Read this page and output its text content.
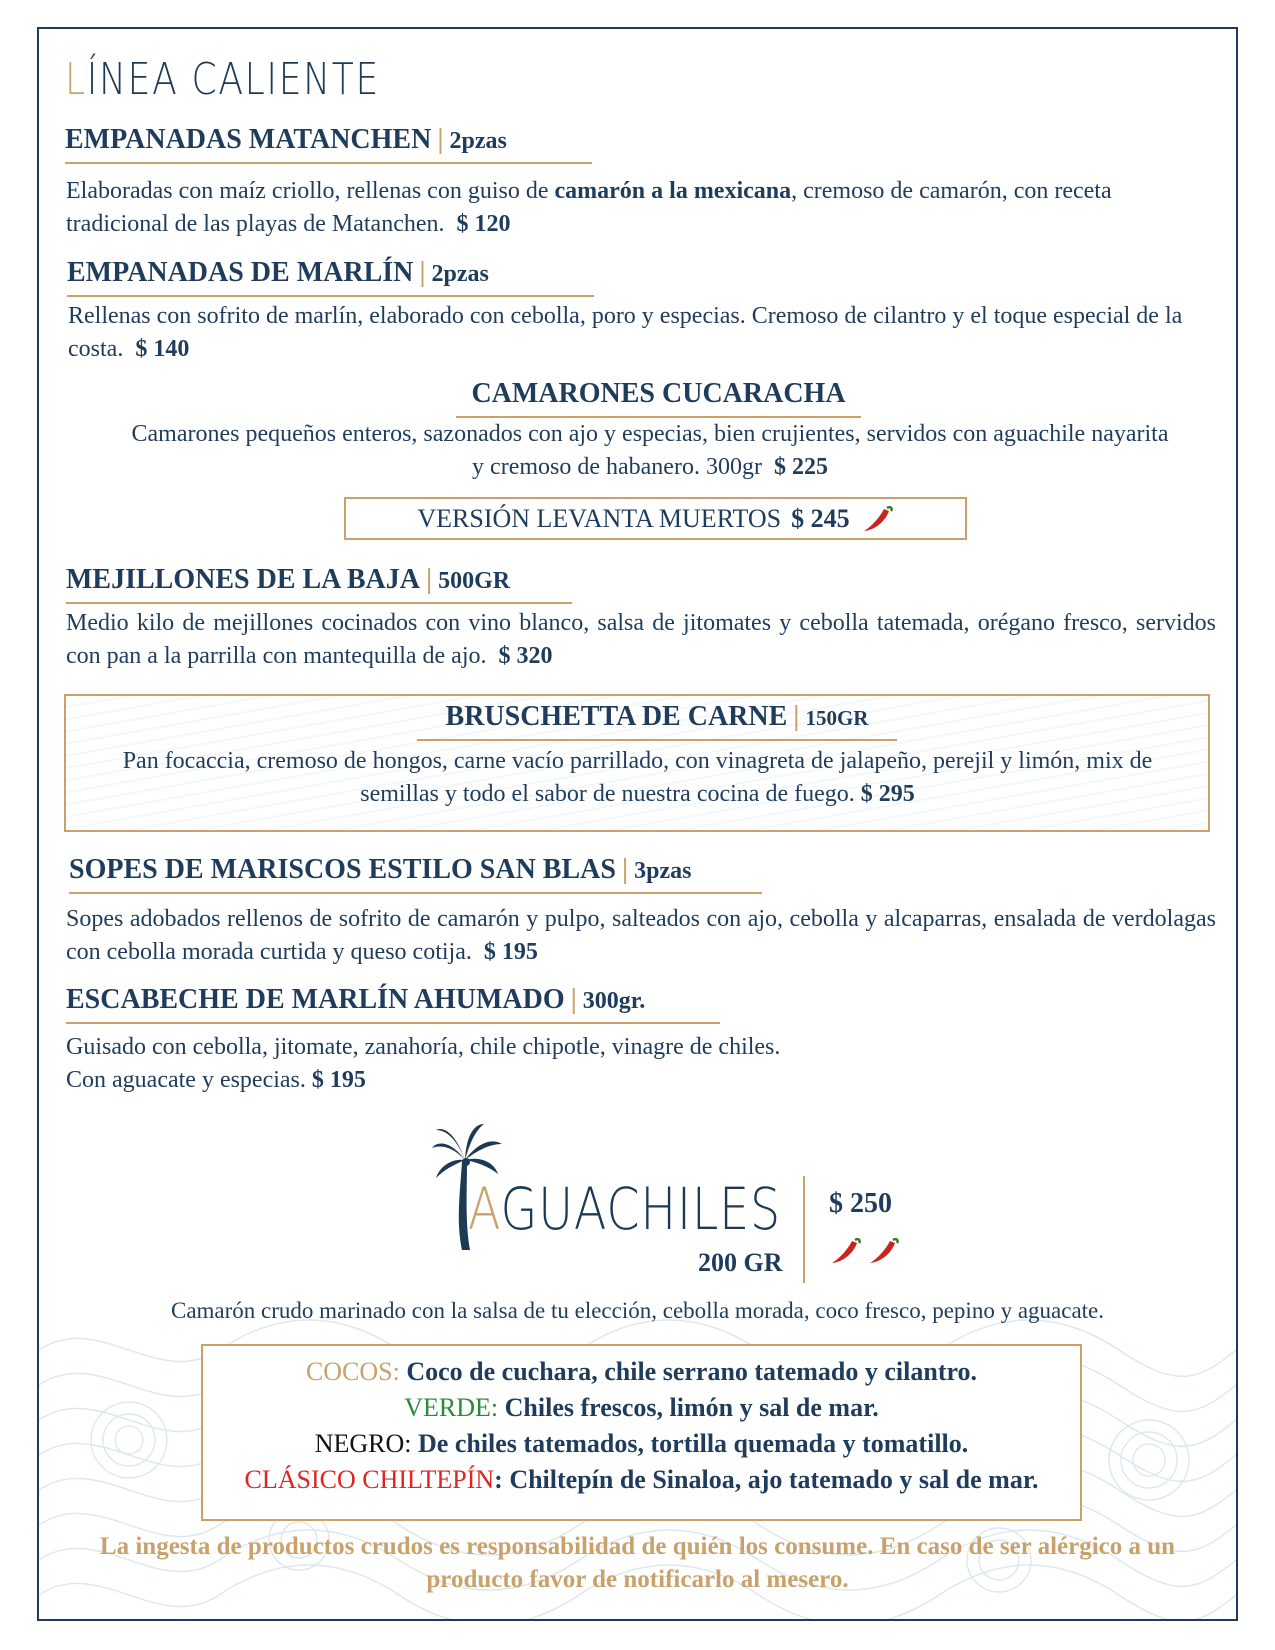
LÍNEA CALIENTE
EMPANADAS MATANCHEN | 2pzas
Elaboradas con maíz criollo, rellenas con guiso de camarón a la mexicana, cremoso de camarón, con receta tradicional de las playas de Matanchen. $ 120
EMPANADAS DE MARLÍN | 2pzas
Rellenas con sofrito de marlín, elaborado con cebolla, poro y especias. Cremoso de cilantro y el toque especial de la costa. $ 140
CAMARONES CUCARACHA
Camarones pequeños enteros, sazonados con ajo y especias, bien crujientes, servidos con aguachile nayarita y cremoso de habanero. 300gr $ 225
VERSIÓN LEVANTA MUERTOS $ 245
MEJILLONES DE LA BAJA | 500GR
Medio kilo de mejillones cocinados con vino blanco, salsa de jitomates y cebolla tatemada, orégano fresco, servidos con pan a la parrilla con mantequilla de ajo. $ 320
BRUSCHETTA DE CARNE | 150GR
Pan focaccia, cremoso de hongos, carne vacío parrillado, con vinagreta de jalapeño, perejil y limón, mix de semillas y todo el sabor de nuestra cocina de fuego. $ 295
SOPES DE MARISCOS ESTILO SAN BLAS | 3pzas
Sopes adobados rellenos de sofrito de camarón y pulpo, salteados con ajo, cebolla y alcaparras, ensalada de verdolagas con cebolla morada curtida y queso cotija. $ 195
ESCABECHE DE MARLÍN AHUMADO | 300gr.
Guisado con cebolla, jitomate, zanahoría, chile chipotle, vinagre de chiles.
Con aguacate y especias. $ 195
AGUACHILES
200 GR
$ 250

Camarón crudo marinado con la salsa de tu elección, cebolla morada, coco fresco, pepino y aguacate.
COCOS: Coco de cuchara, chile serrano tatemado y cilantro.
VERDE: Chiles frescos, limón y sal de mar.
NEGRO: De chiles tatemados, tortilla quemada y tomatillo.
CLÁSICO CHILTEPÍN: Chiltepín de Sinaloa, ajo tatemado y sal de mar.
La ingesta de productos crudos es responsabilidad de quién los consume. En caso de ser alérgico a un producto favor de notificarlo al mesero.
